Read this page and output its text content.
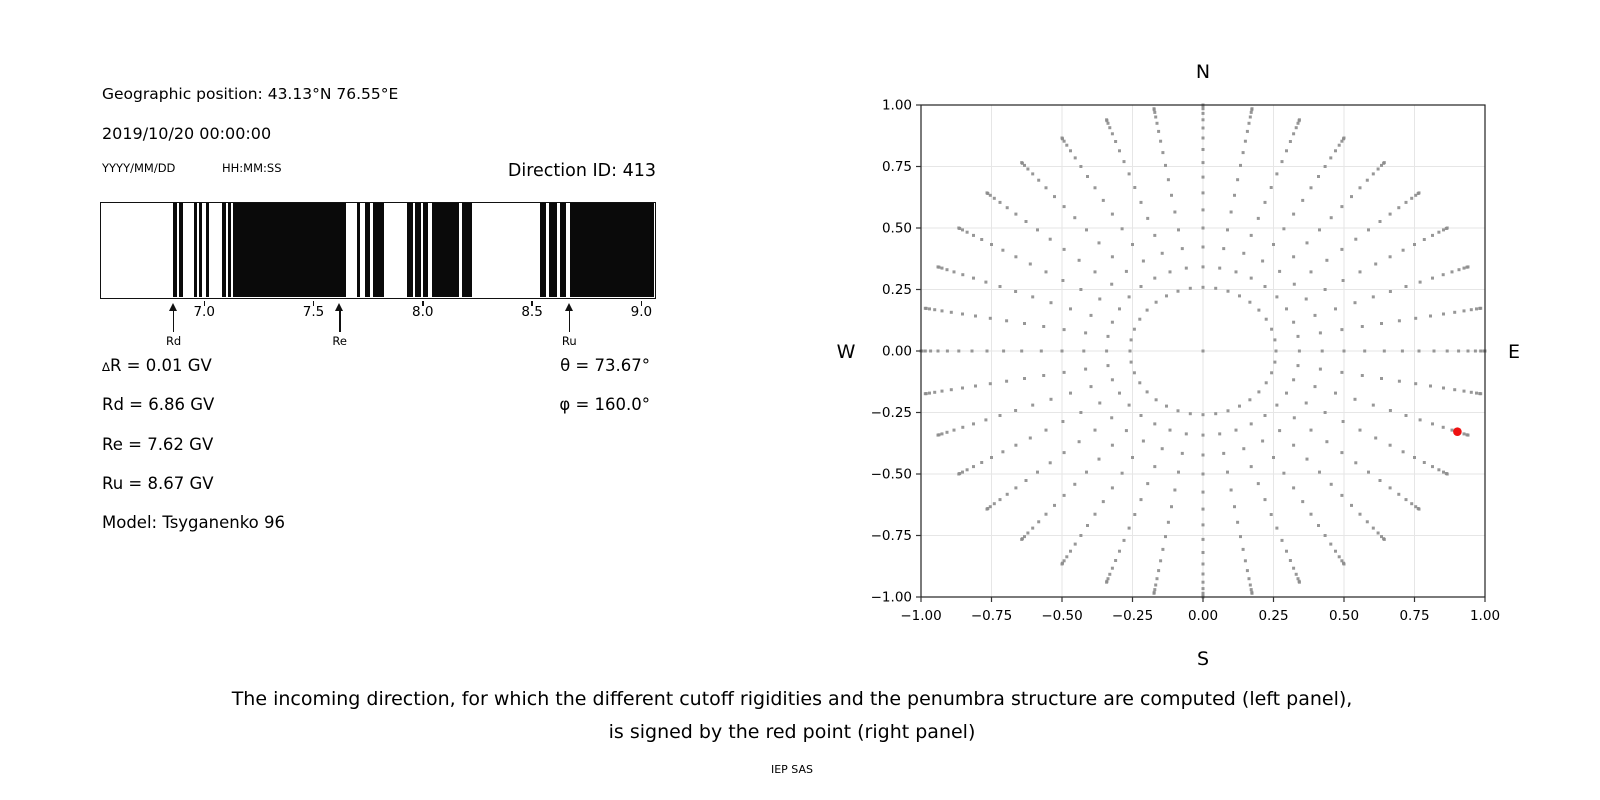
Geographic position: 43.13°N 76.55°E
2019/10/20 00:00:00
YYYY/MM/DD	HH:MM:SS	Direction ID: 413
7.0	7.5	8.0	8.5	9.0
Rd	Re	Ru
∆R = 0.01 GV
Rd = 6.86 GV
Re = 7.62 GV
Ru = 8.67 GV
Model: Tsyganenko 96
θ = 73.67°
φ = 160.0°
−1.00 −0.75 −0.50 −0.25	0.00	0.25	0.50	0.75	1.00
1.00
0.75
0.50
0.25
0.00
−0.25
−0.50
−0.75
−1.00
N
S
W	E
The incoming direction, for which the different cutoff rigidities and the penumbra structure are computed (left panel),
is signed by the red point (right panel)
IEP SAS
